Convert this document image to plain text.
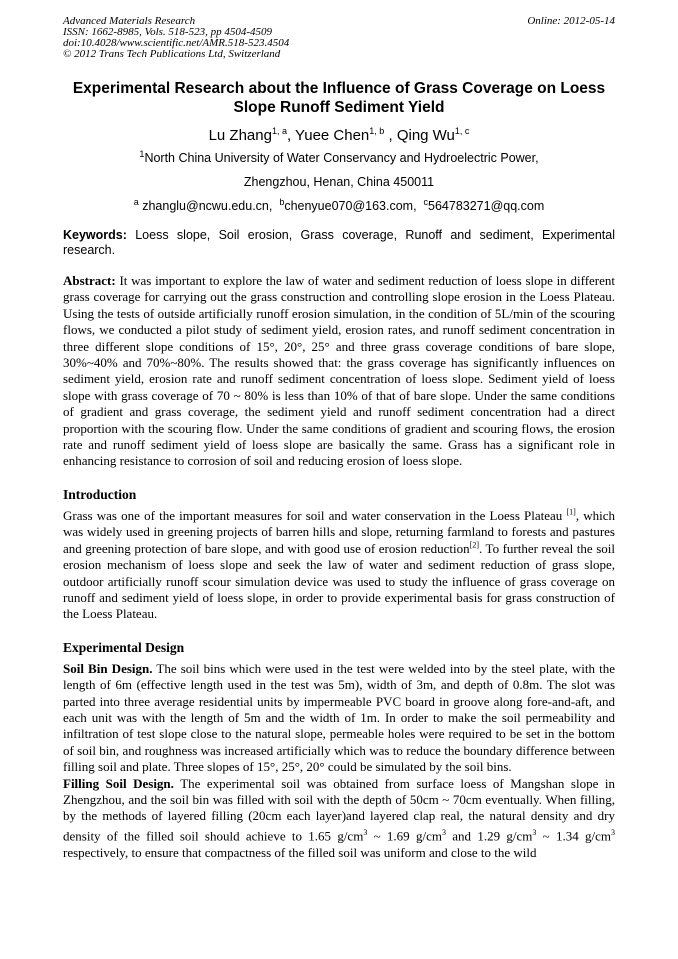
Advanced Materials Research	Online: 2012-05-14
ISSN: 1662-8985, Vols. 518-523, pp 4504-4509
doi:10.4028/www.scientific.net/AMR.518-523.4504
© 2012 Trans Tech Publications Ltd, Switzerland
Experimental Research about the Influence of Grass Coverage on Loess Slope Runoff Sediment Yield
Lu Zhang$^{1, a}$, Yuee Chen$^{1, b}$ , Qing Wu$^{1, c}$

$^1$North China University of Water Conservancy and Hydroelectric Power,

Zhengzhou, Henan, China 450011

$^a$ zhanglu@ncwu.edu.cn, $^b$chenyue070@163.com, $^c$564783271@qq.com

Keywords: Loess slope, Soil erosion, Grass coverage, Runoff and sediment, Experimental research.
Abstract: It was important to explore the law of water and sediment reduction of loess slope in different grass coverage for carrying out the grass construction and controlling slope erosion in the Loess Plateau. Using the tests of outside artificially runoff erosion simulation, in the condition of 5L/min of the scouring flows, we conducted a pilot study of sediment yield, erosion rates, and runoff sediment concentration in three different slope conditions of 15°, 20°, 25° and three grass coverage conditions of bare slope, 30%~40% and 70%~80%. The results showed that: the grass coverage has significantly influences on sediment yield, erosion rate and runoff sediment concentration of loess slope. Sediment yield of loess slope with grass coverage of 70 ~ 80% is less than 10% of that of bare slope. Under the same conditions of gradient and grass coverage, the sediment yield and runoff sediment concentration had a direct proportion with the scouring flow. Under the same conditions of gradient and scouring flows, the erosion rate and runoff sediment yield of loess slope are basically the same. Grass has a significant role in enhancing resistance to corrosion of soil and reducing erosion of loess slope.
Introduction

Grass was one of the important measures for soil and water conservation in the Loess Plateau [1], which was widely used in greening projects of barren hills and slope, returning farmland to forests and pastures and greening protection of bare slope, and with good use of erosion reduction[2]. To further reveal the soil erosion mechanism of loess slope and seek the law of water and sediment reduction of grass slope, outdoor artificially runoff scour simulation device was used to study the influence of grass coverage on runoff and sediment yield of loess slope, in order to provide experimental basis for grass construction of the Loess Plateau.

Experimental Design

Soil Bin Design. The soil bins which were used in the test were welded into by the steel plate, with the length of 6m (effective length used in the test was 5m), width of 3m, and depth of 0.8m. The slot was parted into three average residential units by impermeable PVC board in groove along fore-and-aft, and each unit was with the length of 5m and the width of 1m. In order to make the soil permeability and infiltration of test slope close to the natural slope, permeable holes were required to be set in the bottom of soil bin, and roughness was increased artificially which was to reduce the boundary difference between filling soil and plate. Three slopes of 15°, 25°, 20° could be simulated by the soil bins.

Filling Soil Design. The experimental soil was obtained from surface loess of Mangshan slope in Zhengzhou, and the soil bin was filled with soil with the depth of 50cm ~ 70cm eventually. When filling, by the methods of layered filling (20cm each layer)and layered clap real, the natural density and dry density of the filled soil should achieve to 1.65 $g/cm^3$ ~ 1.69 $g/cm^3$ and 1.29 $g/cm^3$ ~ 1.34 $g/cm^3$ respectively, to ensure that compactness of the filled soil was uniform and close to the wild
